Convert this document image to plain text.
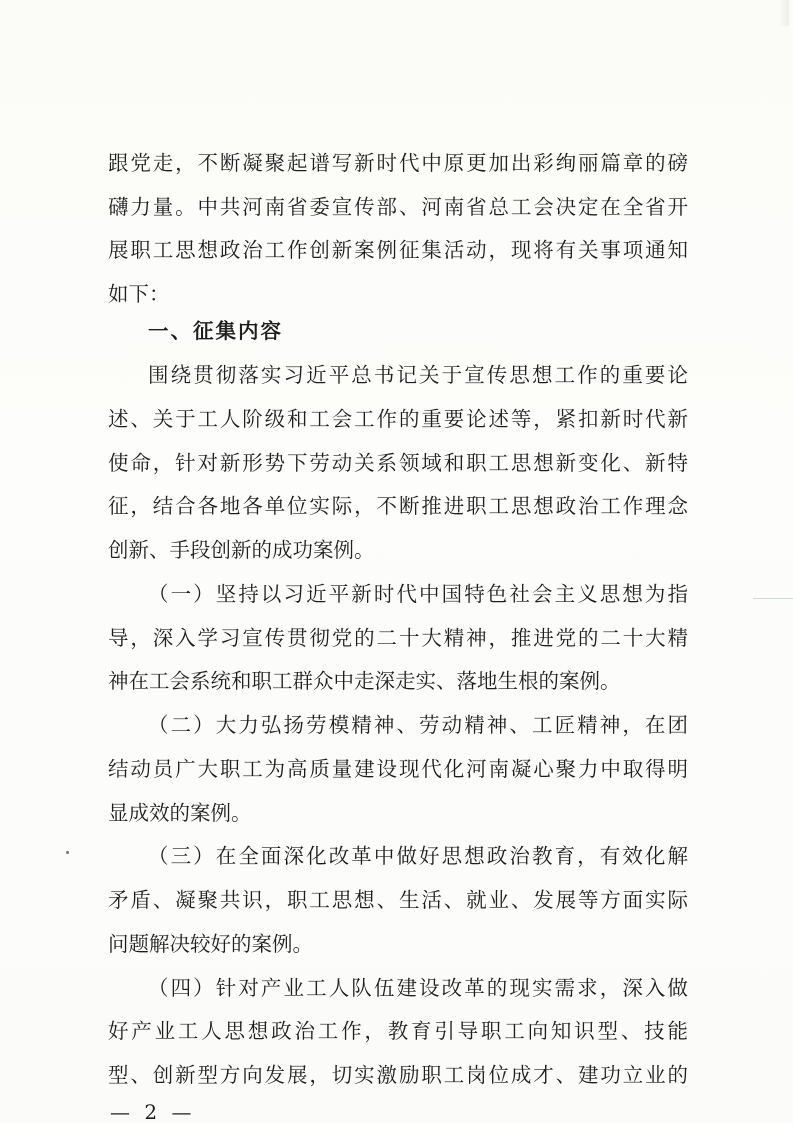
跟党走，不断凝聚起谱写新时代中原更加出彩绚丽篇章的磅
礴力量。中共河南省委宣传部、河南省总工会决定在全省开
展职工思想政治工作创新案例征集活动，现将有关事项通知
如下：
一、征集内容
围绕贯彻落实习近平总书记关于宣传思想工作的重要论
述、关于工人阶级和工会工作的重要论述等，紧扣新时代新
使命，针对新形势下劳动关系领域和职工思想新变化、新特
征，结合各地各单位实际，不断推进职工思想政治工作理念
创新、手段创新的成功案例。
（一）坚持以习近平新时代中国特色社会主义思想为指
导，深入学习宣传贯彻党的二十大精神，推进党的二十大精
神在工会系统和职工群众中走深走实、落地生根的案例。
（二）大力弘扬劳模精神、劳动精神、工匠精神，在团
结动员广大职工为高质量建设现代化河南凝心聚力中取得明
显成效的案例。
（三）在全面深化改革中做好思想政治教育，有效化解
矛盾、凝聚共识，职工思想、生活、就业、发展等方面实际
问题解决较好的案例。
（四）针对产业工人队伍建设改革的现实需求，深入做
好产业工人思想政治工作，教育引导职工向知识型、技能
型、创新型方向发展，切实激励职工岗位成才、建功立业的
— 2 —
